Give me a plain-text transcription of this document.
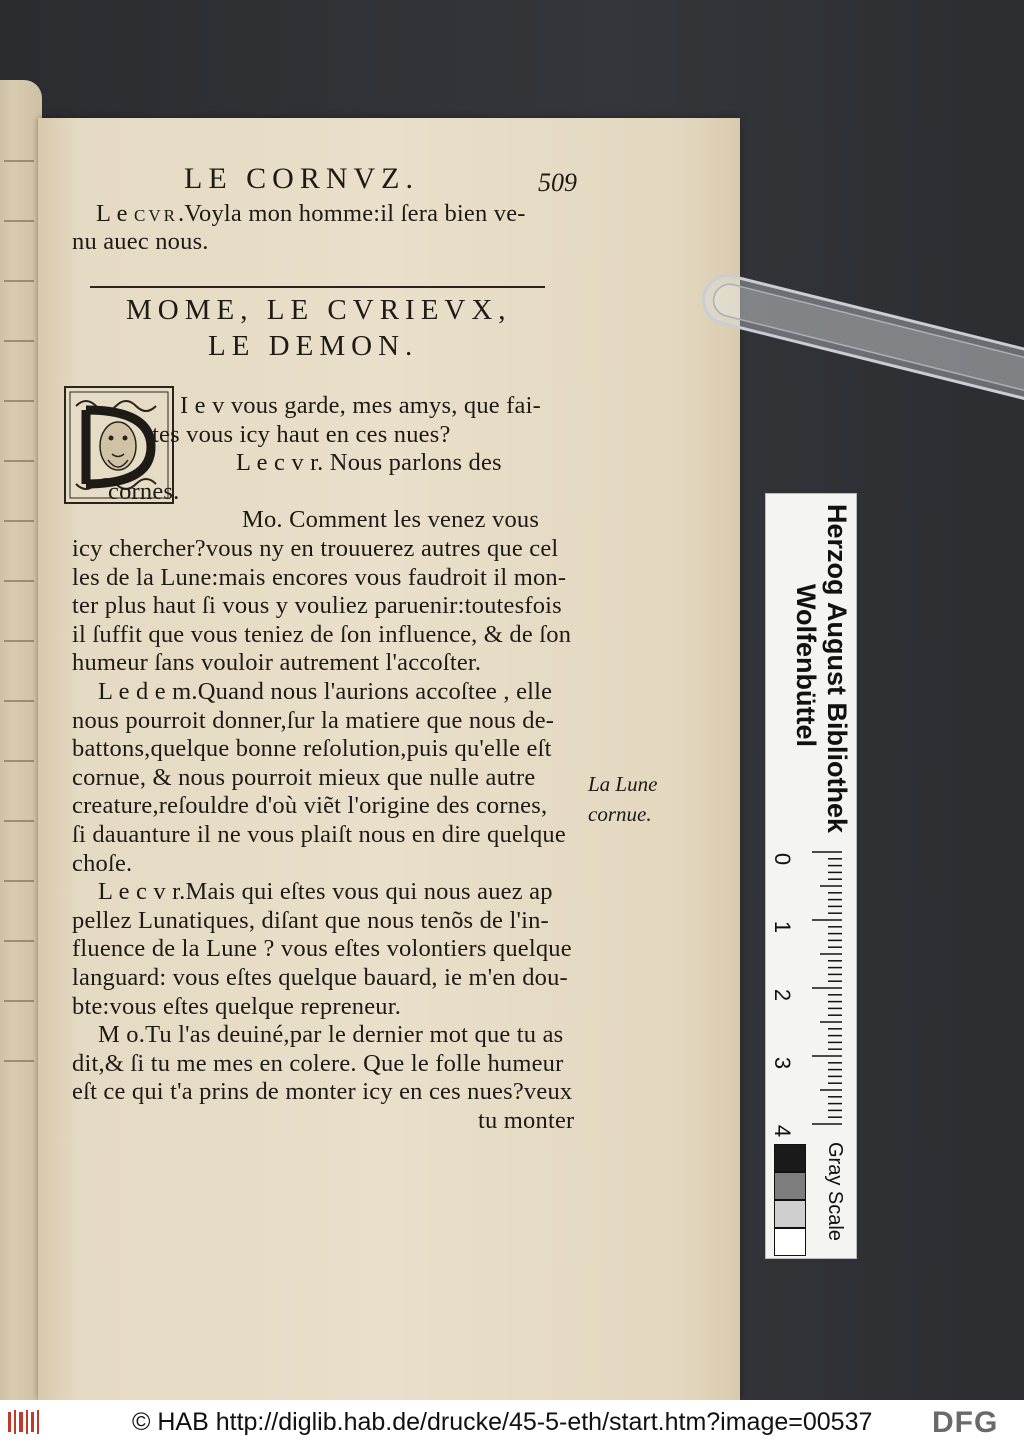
LE CORNVZ.	509
L e cvr.Voyla mon homme:il ſera bien ve-
nu auec nous.
MOME, LE CVRIEVX,
LE DEMON.
I e v vous garde, mes amys, que fai-
tes vous icy haut en ces nues?
L e c v r. Nous parlons des
cornes.
Mo. Comment les venez vous
icy chercher?vous ny en trouuerez autres que cel
les de la Lune:mais encores vous faudroit il mon-
ter plus haut ſi vous y vouliez paruenir:toutesfois
il ſuffit que vous teniez de ſon influence, & de ſon
humeur ſans vouloir autrement l'accoſter.
L e d e m.Quand nous l'aurions accoſtee , elle
nous pourroit donner,ſur la matiere que nous de-
battons,quelque bonne reſolution,puis qu'elle eſt
cornue, & nous pourroit mieux que nulle autre
creature,reſouldre d'où viẽt l'origine des cornes,
ſi dauanture il ne vous plaiſt nous en dire quelque
choſe.
L e c v r.Mais qui eſtes vous qui nous auez ap
pellez Lunatiques, diſant que nous tenõs de l'in-
fluence de la Lune ? vous eſtes volontiers quelque
languard: vous eſtes quelque bauard, ie m'en dou-
bte:vous eſtes quelque repreneur.
M o.Tu l'as deuiné,par le dernier mot que tu as
dit,& ſi tu me mes en colere. Que le folle humeur
eſt ce qui t'a prins de monter icy en ces nues?veux
tu monter
La Lune
cornue.	Herzog August Bibliothek
Wolfenbüttel
0
1
2
3
4
Gray Scale
© HAB http://diglib.hab.de/drucke/45-5-eth/start.htm?image=00537 DFG
